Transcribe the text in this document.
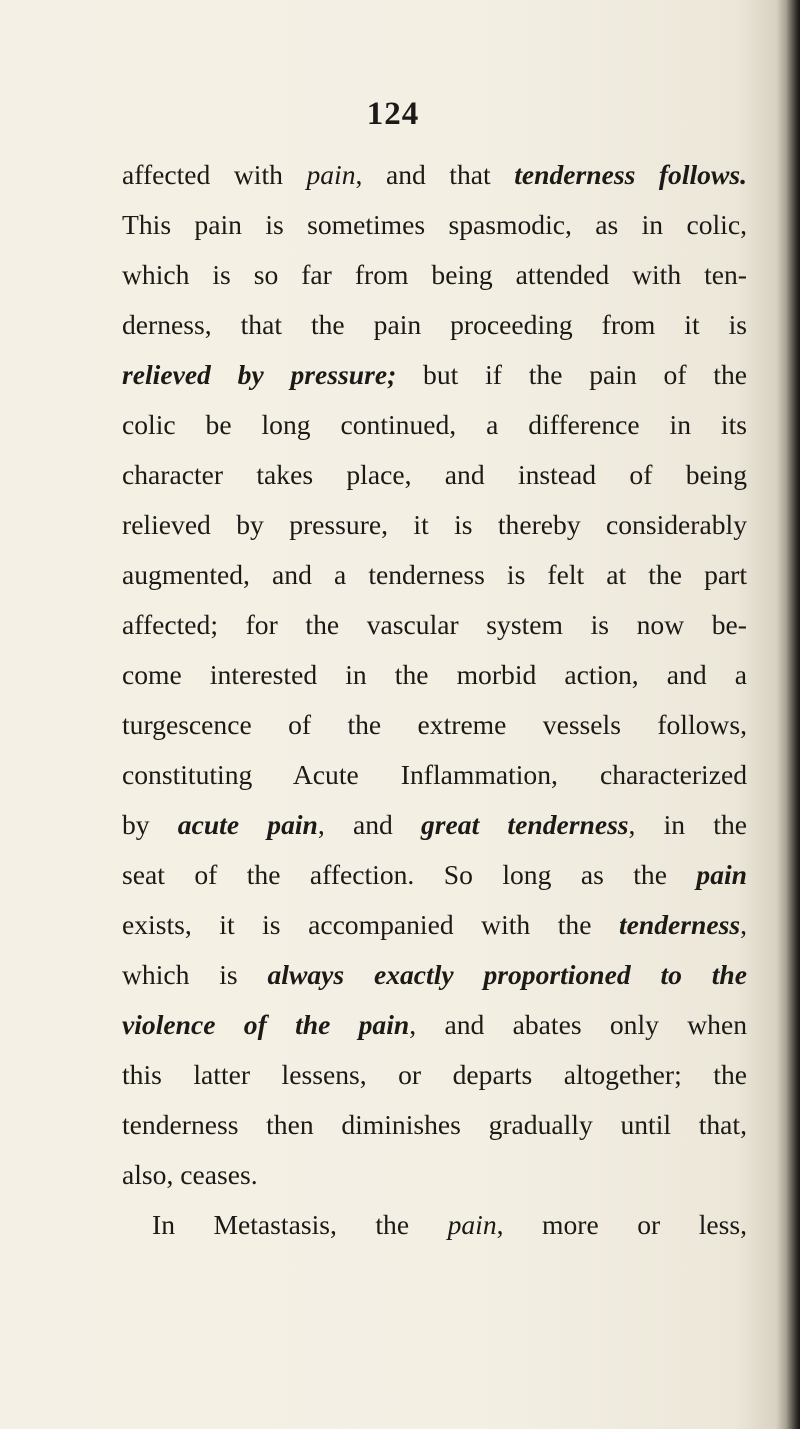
124
affected with pain, and that tenderness follows.
This pain is sometimes spasmodic, as in colic,
which is so far from being attended with ten-
derness, that the pain proceeding from it is
relieved by pressure; but if the pain of the
colic be long continued, a difference in its
character takes place, and instead of being
relieved by pressure, it is thereby considerably
augmented, and a tenderness is felt at the part
affected; for the vascular system is now be-
come interested in the morbid action, and a
turgescence of the extreme vessels follows,
constituting Acute Inflammation, characterized
by acute pain, and great tenderness, in the
seat of the affection. So long as the pain
exists, it is accompanied with the tenderness,
which is always exactly proportioned to the
violence of the pain, and abates only when
this latter lessens, or departs altogether; the
tenderness then diminishes gradually until that,
also, ceases.
In Metastasis, the pain, more or less,
